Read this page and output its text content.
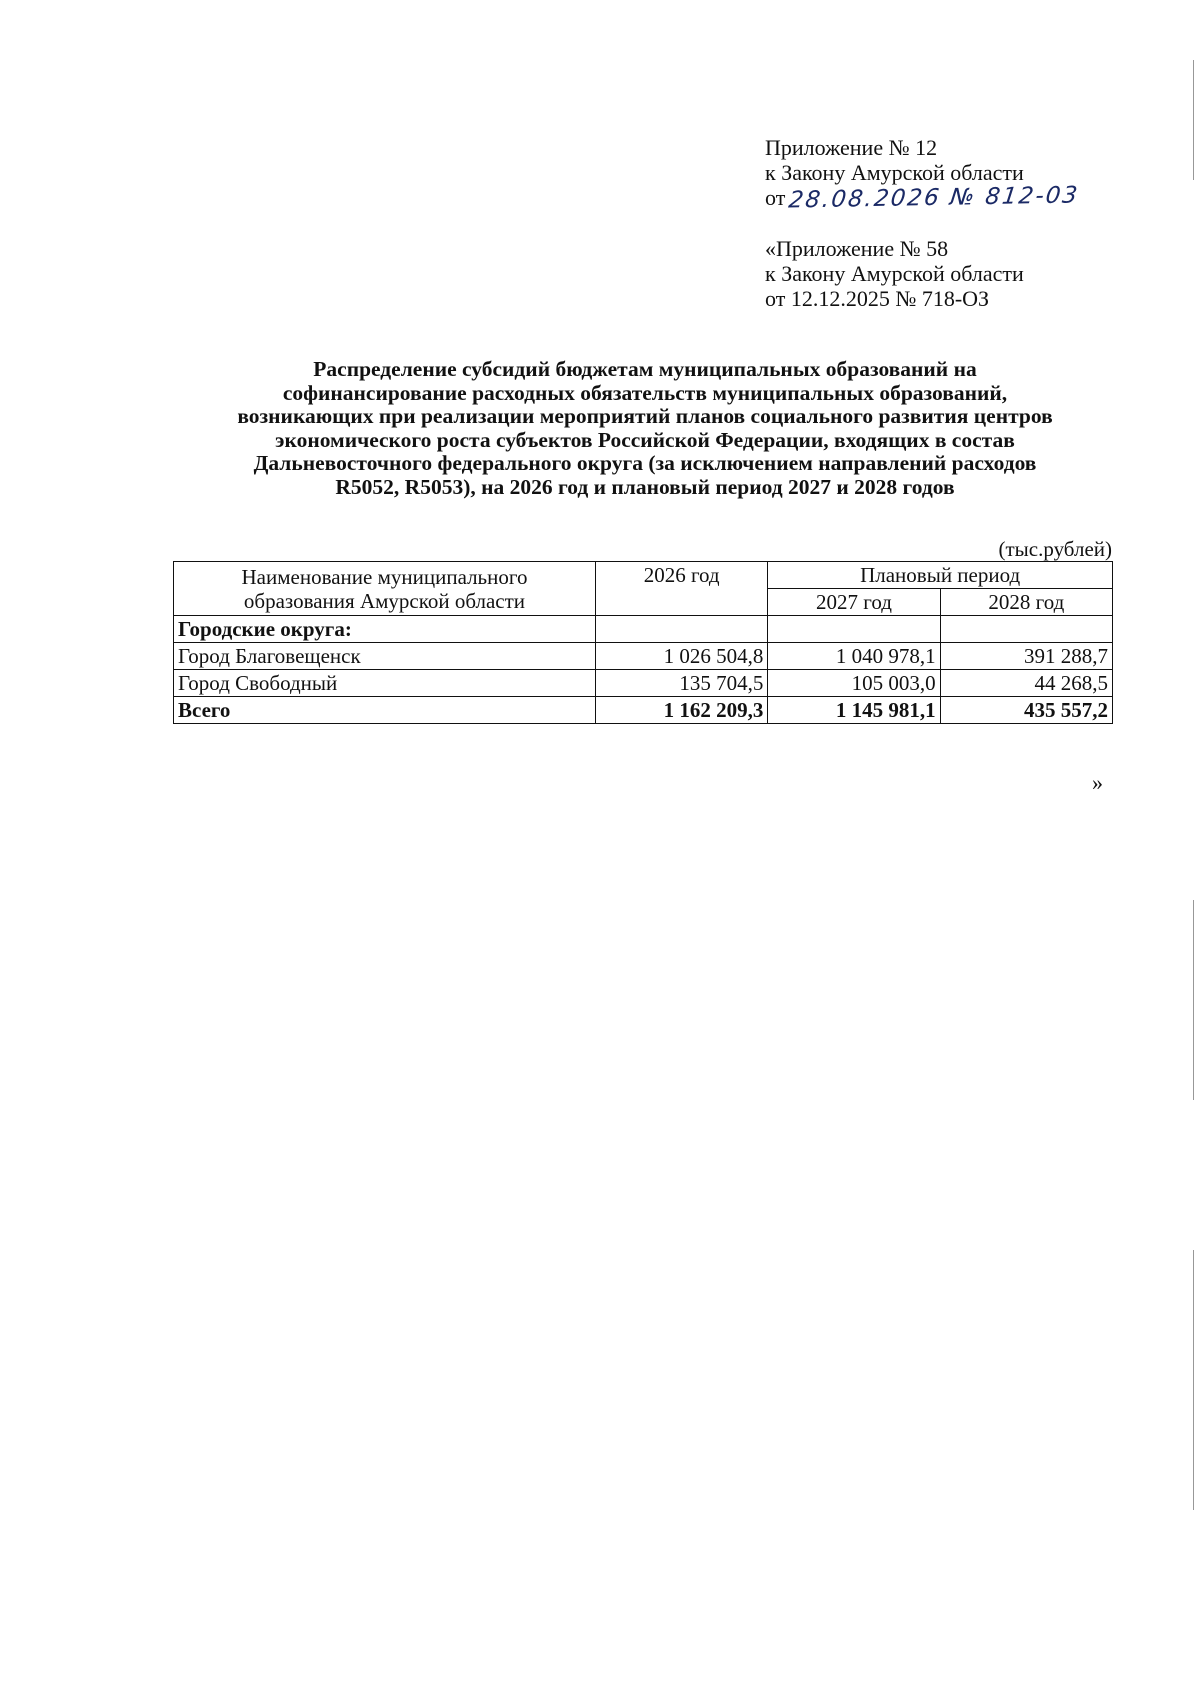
Приложение № 12
к Закону Амурской области
от28.08.2026 № 812-03
«Приложение № 58
к Закону Амурской области
от 12.12.2025 № 718-ОЗ
Распределение субсидий бюджетам муниципальных образований на
софинансирование расходных обязательств муниципальных образований,
возникающих при реализации мероприятий планов социального развития центров
экономического роста субъектов Российской Федерации, входящих в состав
Дальневосточного федерального округа (за исключением направлений расходов
R5052, R5053), на 2026 год и плановый период 2027 и 2028 годов
(тыс.рублей)
Наименование муниципального
образования Амурской области	2026 год	Плановый период	
		2027 год	2028 год
Городские округа:			
Город Благовещенск	1 026 504,8	1 040 978,1	391 288,7
Город Свободный	135 704,5	105 003,0	44 268,5
Всего	1 162 209,3	1 145 981,1	435 557,2
»
